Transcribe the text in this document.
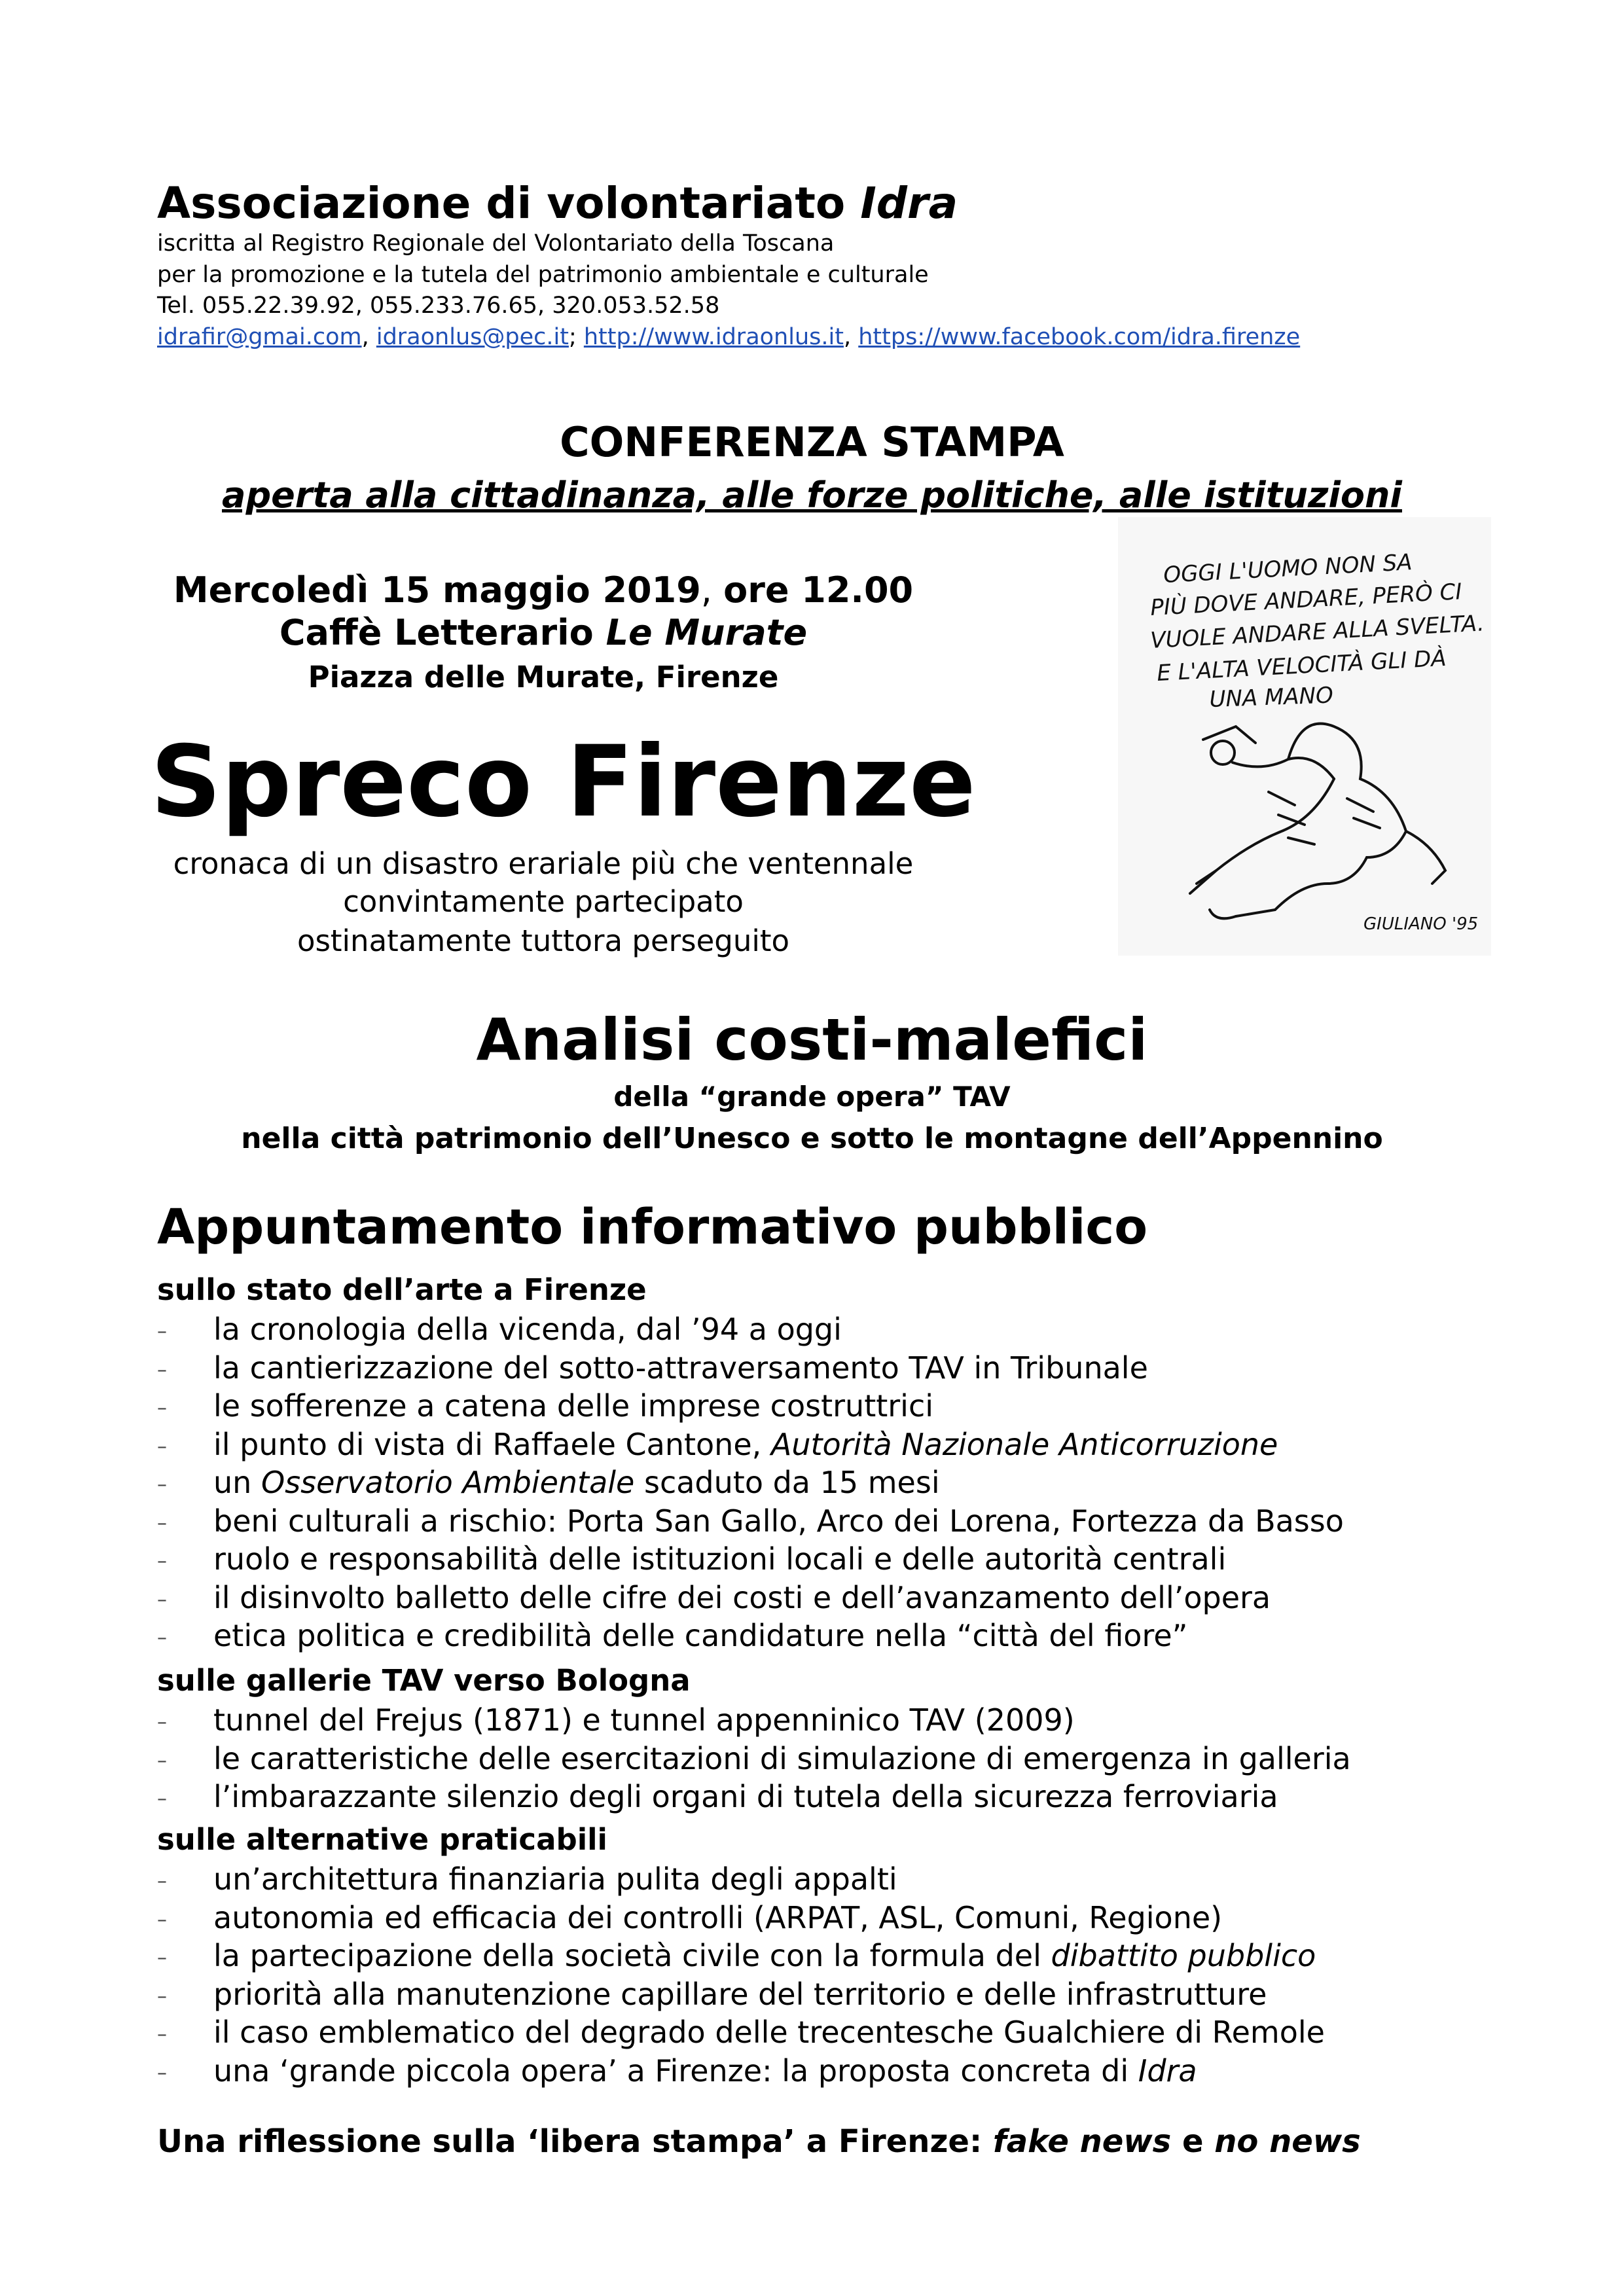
Associazione di volontariato Idra
iscritta al Registro Regionale del Volontariato della Toscana
per la promozione e la tutela del patrimonio ambientale e culturale
Tel. 055.22.39.92, 055.233.76.65, 320.053.52.58
idrafir@gmai.com, idraonlus@pec.it; http://www.idraonlus.it, https://www.facebook.com/idra.firenze
CONFERENZA STAMPA
aperta alla cittadinanza, alle forze politiche, alle istituzioni
Mercoledì 15 maggio 2019, ore 12.00
Caffè Letterario Le Murate
Piazza delle Murate, Firenze
Spreco Firenze
cronaca di un disastro erariale più che ventennale
convintamente partecipato
ostinatamente tuttora perseguito
OGGI L'UOMO NON SA
PIÙ DOVE ANDARE, PERÒ CI
VUOLE ANDARE ALLA SVELTA.
E L'ALTA VELOCITÀ GLI DÀ
UNA MANO
GIULIANO '95
Analisi costi-malefici
della “grande opera” TAV
nella città patrimonio dell’Unesco e sotto le montagne dell’Appennino
Appuntamento informativo pubblico
sullo stato dell’arte a Firenze
– la cronologia della vicenda, dal ’94 a oggi
– la cantierizzazione del sotto-attraversamento TAV in Tribunale
– le sofferenze a catena delle imprese costruttrici
– il punto di vista di Raffaele Cantone, Autorità Nazionale Anticorruzione
– un Osservatorio Ambientale scaduto da 15 mesi
– beni culturali a rischio: Porta San Gallo, Arco dei Lorena, Fortezza da Basso
– ruolo e responsabilità delle istituzioni locali e delle autorità centrali
– il disinvolto balletto delle cifre dei costi e dell’avanzamento dell’opera
– etica politica e credibilità delle candidature nella “città del fiore”
sulle gallerie TAV verso Bologna
– tunnel del Frejus (1871) e tunnel appenninico TAV (2009)
– le caratteristiche delle esercitazioni di simulazione di emergenza in galleria
– l’imbarazzante silenzio degli organi di tutela della sicurezza ferroviaria
sulle alternative praticabili
– un’architettura finanziaria pulita degli appalti
– autonomia ed efficacia dei controlli (ARPAT, ASL, Comuni, Regione)
– la partecipazione della società civile con la formula del dibattito pubblico
– priorità alla manutenzione capillare del territorio e delle infrastrutture
– il caso emblematico del degrado delle trecentesche Gualchiere di Remole
– una ‘grande piccola opera’ a Firenze: la proposta concreta di Idra
Una riflessione sulla ‘libera stampa’ a Firenze: fake news e no news
